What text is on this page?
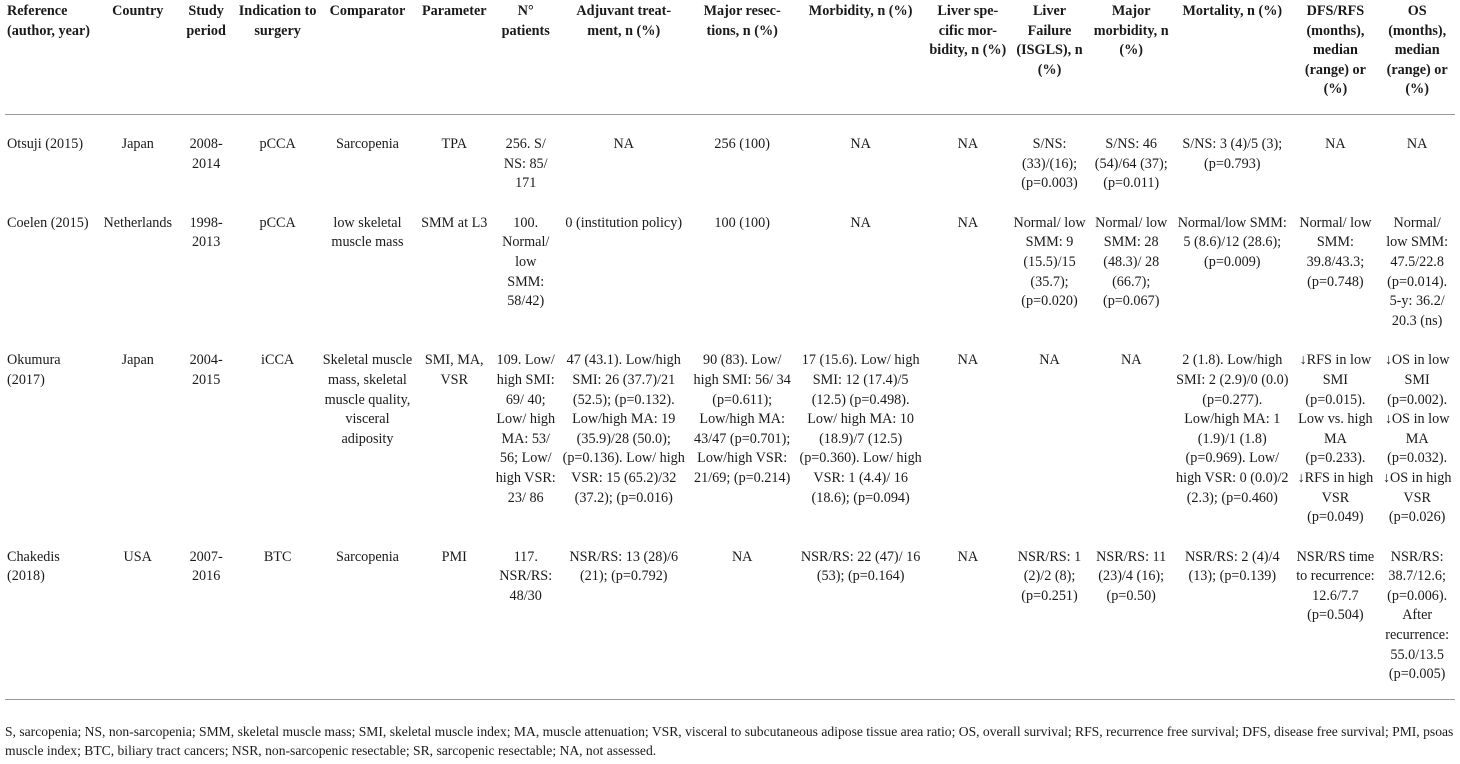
Reference (author, year)	Country	Study period	Indication to surgery	Comparator	Parameter	N° patients	Adjuvant treat- ment, n (%)	Major resec- tions, n (%)	Morbidity, n (%)	Liver spe- cific mor- bidity, n (%)	Liver Failure (ISGLS), n (%)	Major morbidity, n (%)	Mortality, n (%)	DFS/RFS (months), median (range) or (%)	OS (months), median (range) or (%)
Otsuji (2015)	Japan	2008- 2014	pCCA	Sarcopenia	TPA	256. S/ NS: 85/ 171	NA	256 (100)	NA	NA	S/NS: (33)/(16); (p=0.003)	S/NS: 46 (54)/64 (37); (p=0.011)	S/NS: 3 (4)/5 (3); (p=0.793)	NA	NA
Coelen (2015)	Netherlands	1998- 2013	pCCA	low skeletal muscle mass	SMM at L3	100. Normal/ low SMM: 58/42)	0 (institution policy)	100 (100)	NA	NA	Normal/ low SMM: 9 (15.5)/15 (35.7); (p=0.020)	Normal/ low SMM: 28 (48.3)/ 28 (66.7); (p=0.067)	Normal/low SMM: 5 (8.6)/12 (28.6); (p=0.009)	Normal/ low SMM: 39.8/43.3; (p=0.748)	Normal/ low SMM: 47.5/22.8 (p=0.014). 5-y: 36.2/ 20.3 (ns)
Okumura (2017)	Japan	2004- 2015	iCCA	Skeletal muscle mass, skeletal muscle quality, visceral adiposity	SMI, MA, VSR	109. Low/ high SMI: 69/ 40; Low/ high MA: 53/ 56; Low/ high VSR: 23/ 86	47 (43.1). Low/high SMI: 26 (37.7)/21 (52.5); (p=0.132). Low/high MA: 19 (35.9)/28 (50.0); (p=0.136). Low/ high VSR: 15 (65.2)/32 (37.2); (p=0.016)	90 (83). Low/ high SMI: 56/ 34 (p=0.611); Low/high MA: 43/47 (p=0.701); Low/high VSR: 21/69; (p=0.214)	17 (15.6). Low/ high SMI: 12 (17.4)/5 (12.5) (p=0.498). Low/ high MA: 10 (18.9)/7 (12.5) (p=0.360). Low/ high VSR: 1 (4.4)/ 16 (18.6); (p=0.094)	NA	NA	NA	2 (1.8). Low/high SMI: 2 (2.9)/0 (0.0) (p=0.277). Low/high MA: 1 (1.9)/1 (1.8) (p=0.969). Low/ high VSR: 0 (0.0)/2 (2.3); (p=0.460)	↓RFS in low SMI (p=0.015). Low vs. high MA (p=0.233). ↓RFS in high VSR (p=0.049)	↓OS in low SMI (p=0.002). ↓OS in low MA (p=0.032). ↓OS in high VSR (p=0.026)
Chakedis (2018)	USA	2007- 2016	BTC	Sarcopenia	PMI	117. NSR/RS: 48/30	NSR/RS: 13 (28)/6 (21); (p=0.792)	NA	NSR/RS: 22 (47)/ 16 (53); (p=0.164)	NA	NSR/RS: 1 (2)/2 (8); (p=0.251)	NSR/RS: 11 (23)/4 (16); (p=0.50)	NSR/RS: 2 (4)/4 (13); (p=0.139)	NSR/RS time to recurrence: 12.6/7.7 (p=0.504)	NSR/RS: 38.7/12.6; (p=0.006). After recurrence: 55.0/13.5 (p=0.005)
S, sarcopenia; NS, non-sarcopenia; SMM, skeletal muscle mass; SMI, skeletal muscle index; MA, muscle attenuation; VSR, visceral to subcutaneous adipose tissue area ratio; OS, overall survival; RFS, recurrence free survival; DFS, disease free survival; PMI, psoas muscle index; BTC, biliary tract cancers; NSR, non-sarcopenic resectable; SR, sarcopenic resectable; NA, not assessed.
